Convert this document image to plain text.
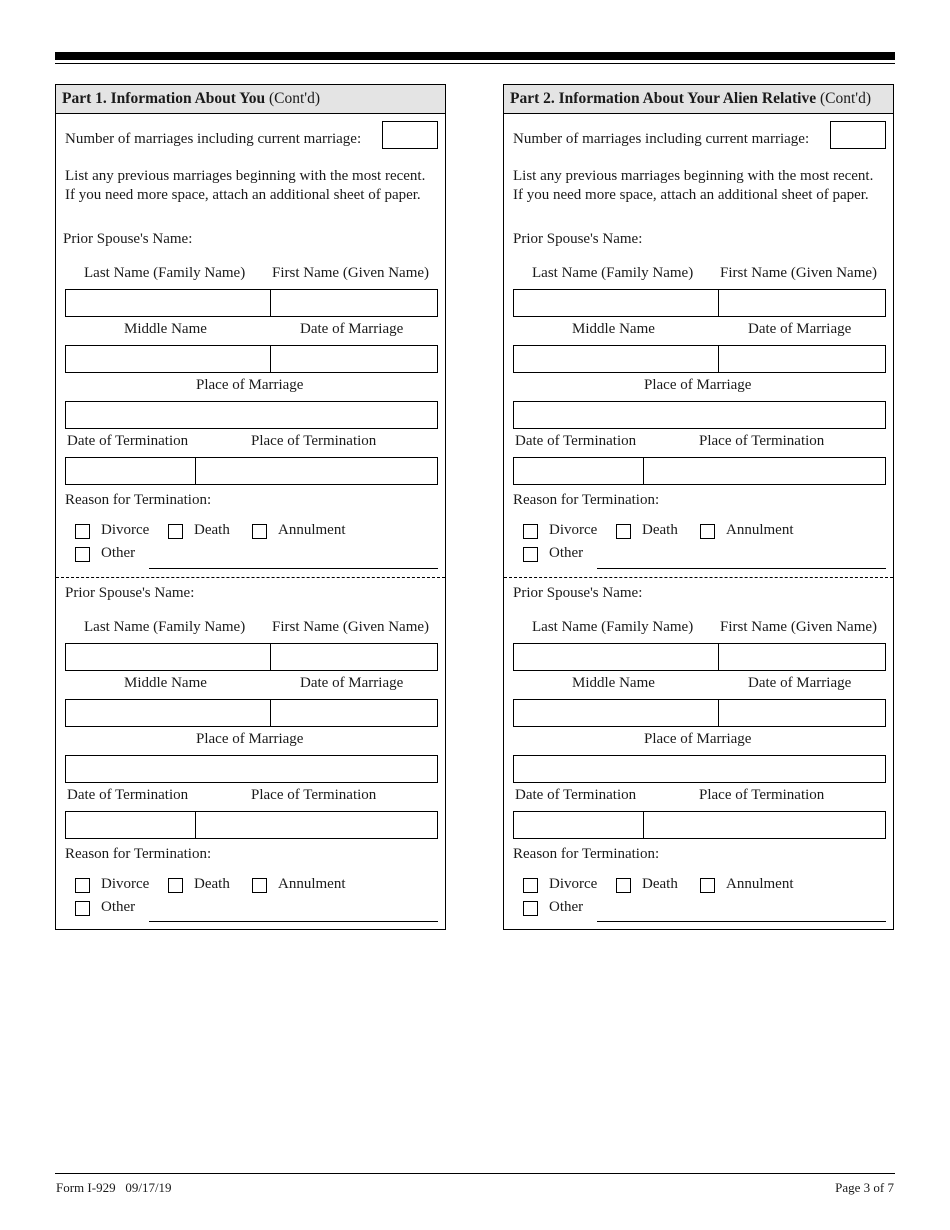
Part 1. Information About You (Cont'd)
Number of marriages including current marriage:
List any previous marriages beginning with the most recent. If you need more space, attach an additional sheet of paper.
Prior Spouse's Name:
Last Name (Family Name) First Name (Given Name)
Middle Name	Date of Marriage
Place of Marriage
Date of Termination	Place of Termination
Reason for Termination:
Divorce	Death	Annulment
Other
Prior Spouse's Name:
Last Name (Family Name) First Name (Given Name)
Middle Name	Date of Marriage
Place of Marriage
Date of Termination	Place of Termination
Reason for Termination:
Divorce	Death	Annulment
Other
Part 2. Information About Your Alien Relative (Cont'd)
Number of marriages including current marriage:
List any previous marriages beginning with the most recent. If you need more space, attach an additional sheet of paper.
Prior Spouse's Name:
Last Name (Family Name) First Name (Given Name)
Middle Name	Date of Marriage
Place of Marriage
Date of Termination	Place of Termination
Reason for Termination:
Divorce	Death	Annulment
Other
Prior Spouse's Name:
Last Name (Family Name) First Name (Given Name)
Middle Name	Date of Marriage
Place of Marriage
Date of Termination	Place of Termination
Reason for Termination:
Divorce	Death	Annulment
Other
Form I-929   09/17/19	Page 3 of 7
